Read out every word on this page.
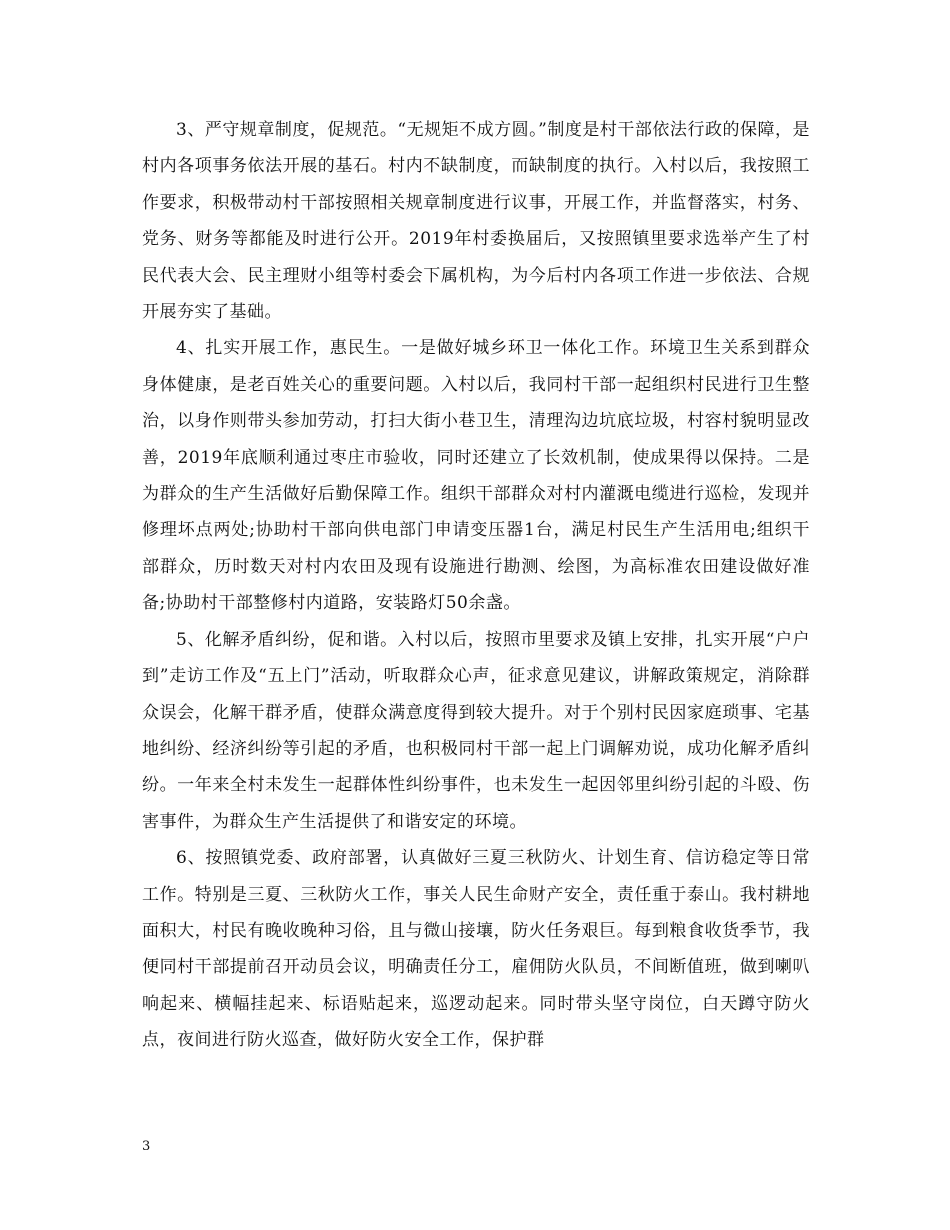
3、严守规章制度，促规范。“无规矩不成方圆。”制度是村干部依法行政的保障，是村内各项事务依法开展的基石。村内不缺制度，而缺制度的执行。入村以后，我按照工作要求，积极带动村干部按照相关规章制度进行议事，开展工作，并监督落实，村务、党务、财务等都能及时进行公开。2019年村委换届后，又按照镇里要求选举产生了村民代表大会、民主理财小组等村委会下属机构，为今后村内各项工作进一步依法、合规开展夯实了基础。

4、扎实开展工作，惠民生。一是做好城乡环卫一体化工作。环境卫生关系到群众身体健康，是老百姓关心的重要问题。入村以后，我同村干部一起组织村民进行卫生整治，以身作则带头参加劳动，打扫大街小巷卫生，清理沟边坑底垃圾，村容村貌明显改善，2019年底顺利通过枣庄市验收，同时还建立了长效机制，使成果得以保持。二是为群众的生产生活做好后勤保障工作。组织干部群众对村内灌溉电缆进行巡检，发现并修理坏点两处;协助村干部向供电部门申请变压器1台，满足村民生产生活用电;组织干部群众，历时数天对村内农田及现有设施进行勘测、绘图，为高标准农田建设做好准备;协助村干部整修村内道路，安装路灯50余盏。

5、化解矛盾纠纷，促和谐。入村以后，按照市里要求及镇上安排，扎实开展“户户到”走访工作及“五上门”活动，听取群众心声，征求意见建议，讲解政策规定，消除群众误会，化解干群矛盾，使群众满意度得到较大提升。对于个别村民因家庭琐事、宅基地纠纷、经济纠纷等引起的矛盾，也积极同村干部一起上门调解劝说，成功化解矛盾纠纷。一年来全村未发生一起群体性纠纷事件，也未发生一起因邻里纠纷引起的斗殴、伤害事件，为群众生产生活提供了和谐安定的环境。

6、按照镇党委、政府部署，认真做好三夏三秋防火、计划生育、信访稳定等日常工作。特别是三夏、三秋防火工作，事关人民生命财产安全，责任重于泰山。我村耕地面积大，村民有晚收晚种习俗，且与微山接壤，防火任务艰巨。每到粮食收货季节，我便同村干部提前召开动员会议，明确责任分工，雇佣防火队员，不间断值班，做到喇叭响起来、横幅挂起来、标语贴起来，巡逻动起来。同时带头坚守岗位，白天蹲守防火点，夜间进行防火巡查，做好防火安全工作，保护群

3
